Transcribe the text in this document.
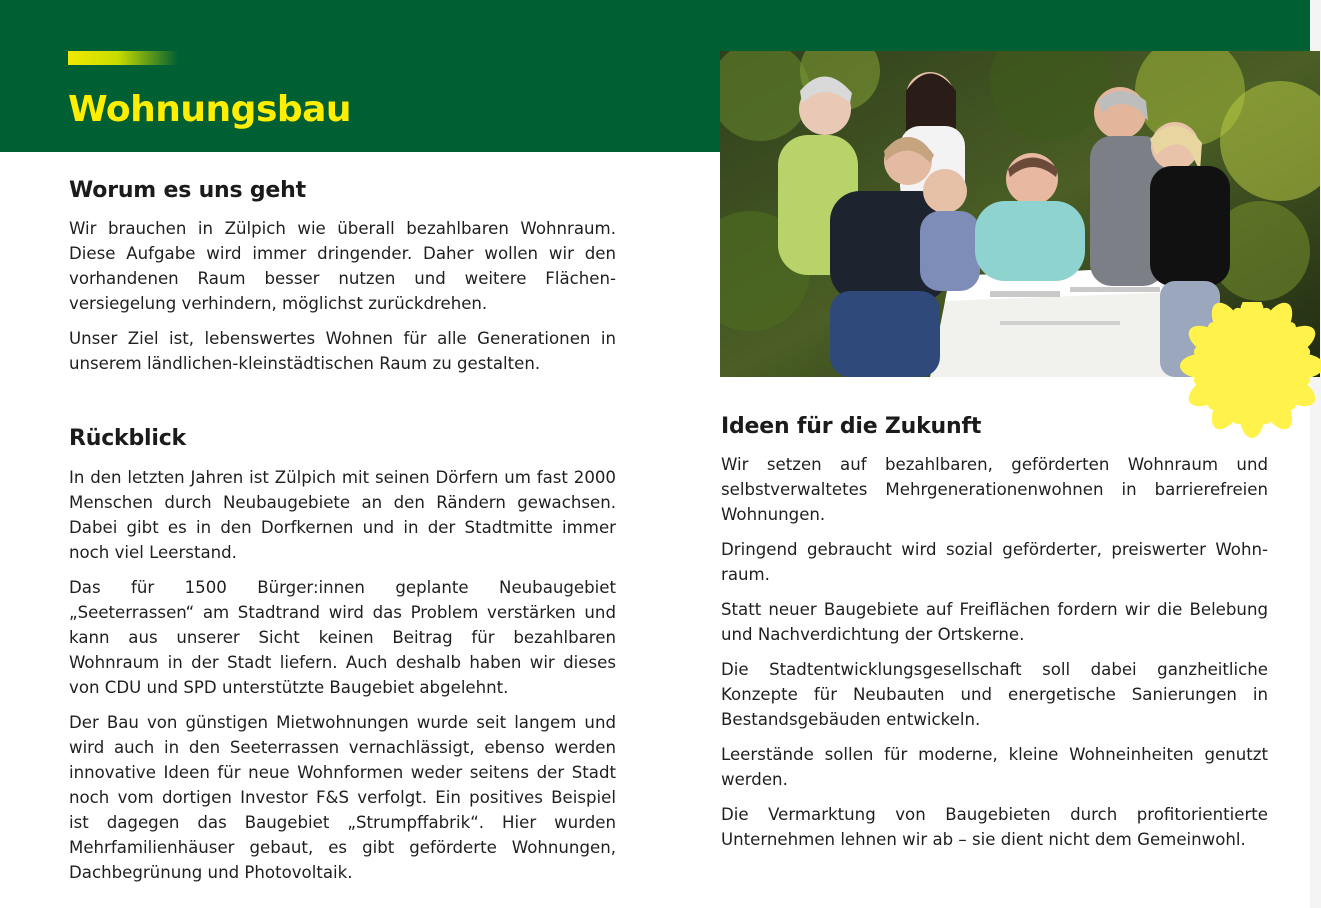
Wohnungsbau
Worum es uns geht

Wir brauchen in Zülpich wie überall bezahlbaren Wohnraum. Diese Aufgabe wird immer dringender. Daher wollen wir den vorhandenen Raum besser nutzen und weitere Flächenversiegelung verhindern, möglichst zurückdrehen.

Unser Ziel ist, lebenswertes Wohnen für alle Generationen in unserem ländlichen-kleinstädtischen Raum zu gestalten.

Rückblick

In den letzten Jahren ist Zülpich mit seinen Dörfern um fast 2000 Menschen durch Neubaugebiete an den Rändern gewachsen. Dabei gibt es in den Dorfkernen und in der Stadtmitte immer noch viel Leerstand.

Das für 1500 Bürger:innen geplante Neubaugebiet „Seeterrassen“ am Stadtrand wird das Problem verstärken und kann aus unserer Sicht keinen Beitrag für bezahlbaren Wohnraum in der Stadt liefern. Auch deshalb haben wir dieses von CDU und SPD unterstützte Baugebiet abgelehnt.

Der Bau von günstigen Mietwohnungen wurde seit langem und wird auch in den Seeterrassen vernachlässigt, ebenso werden innovative Ideen für neue Wohnformen weder seitens der Stadt noch vom dortigen Investor F&S verfolgt. Ein positives Beispiel ist dagegen das Baugebiet „Strumpffabrik“. Hier wurden Mehrfamilienhäuser gebaut, es gibt geförderte Wohnungen, Dachbegrünung und Photovoltaik.

Ideen für die Zukunft

Wir setzen auf bezahlbaren, geförderten Wohnraum und selbstverwaltetes Mehrgenerationenwohnen in barrierefreien Wohnungen.

Dringend gebraucht wird sozial geförderter, preiswerter Wohnraum.

Statt neuer Baugebiete auf Freiflächen fordern wir die Belebung und Nachverdichtung der Ortskerne.

Die Stadtentwicklungsgesellschaft soll dabei ganzheitliche Konzepte für Neubauten und energetische Sanierungen in Bestandsgebäuden entwickeln.

Leerstände sollen für moderne, kleine Wohneinheiten genutzt werden.

Die Vermarktung von Baugebieten durch profitorientierte Unternehmen lehnen wir ab – sie dient nicht dem Gemeinwohl.
